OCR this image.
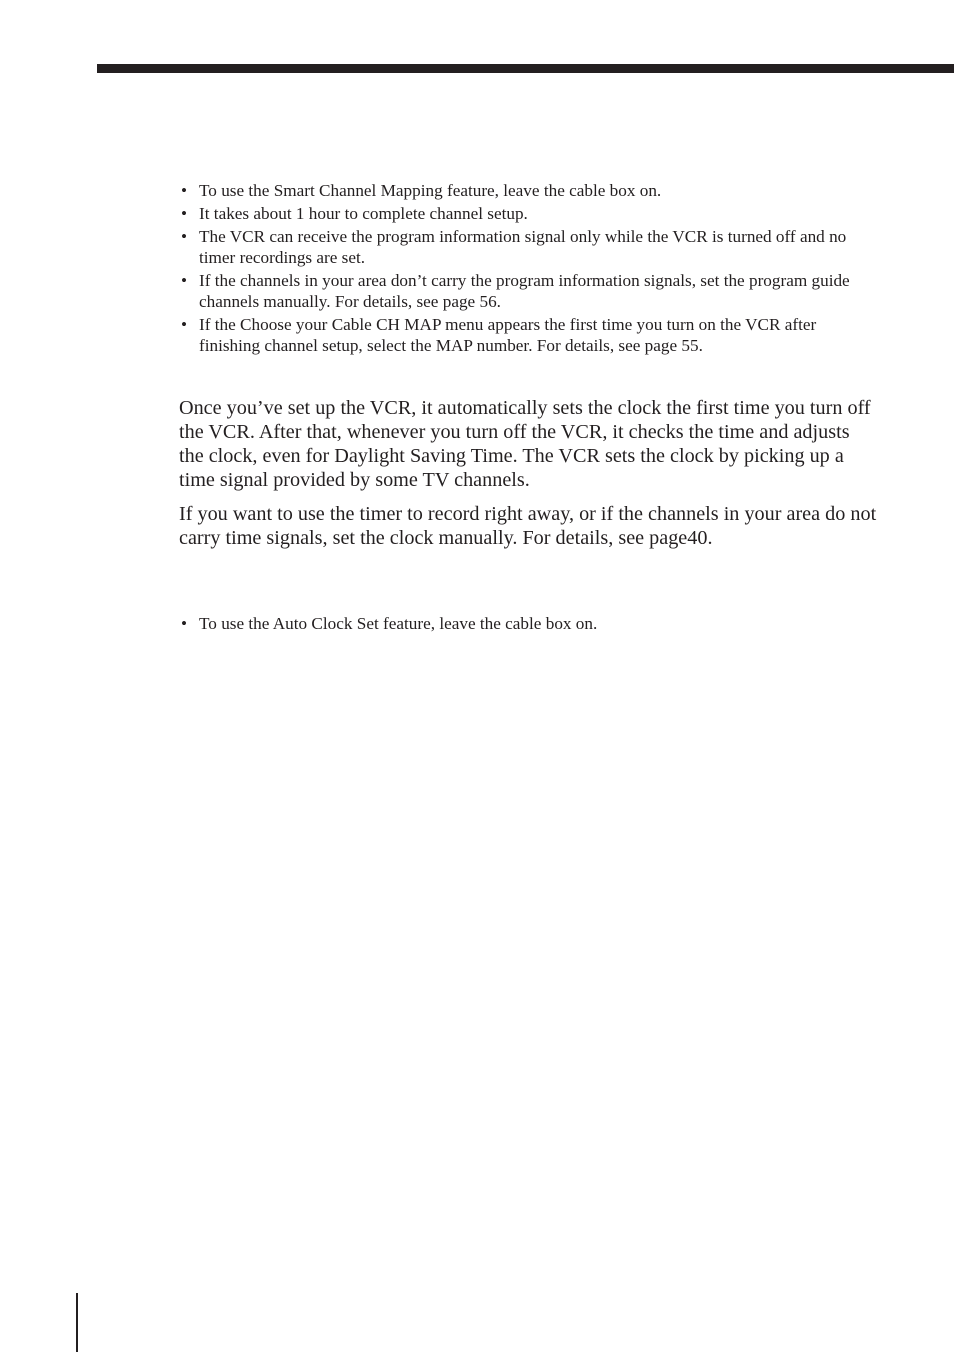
• To use the Smart Channel Mapping feature, leave the cable box on.
• It takes about 1 hour to complete channel setup.
• The VCR can receive the program information signal only while the VCR is turned off and no timer recordings are set.
• If the channels in your area don’t carry the program information signals, set the program guide channels manually. For details, see page 56.
• If the Choose your Cable CH MAP menu appears the first time you turn on the VCR after finishing channel setup, select the MAP number. For details, see page 55.

Once you’ve set up the VCR, it automatically sets the clock the first time you turn off the VCR. After that, whenever you turn off the VCR, it checks the time and adjusts the clock, even for Daylight Saving Time. The VCR sets the clock by picking up a time signal provided by some TV channels.

If you want to use the timer to record right away, or if the channels in your area do not carry time signals, set the clock manually. For details, see page40.

• To use the Auto Clock Set feature, leave the cable box on.
